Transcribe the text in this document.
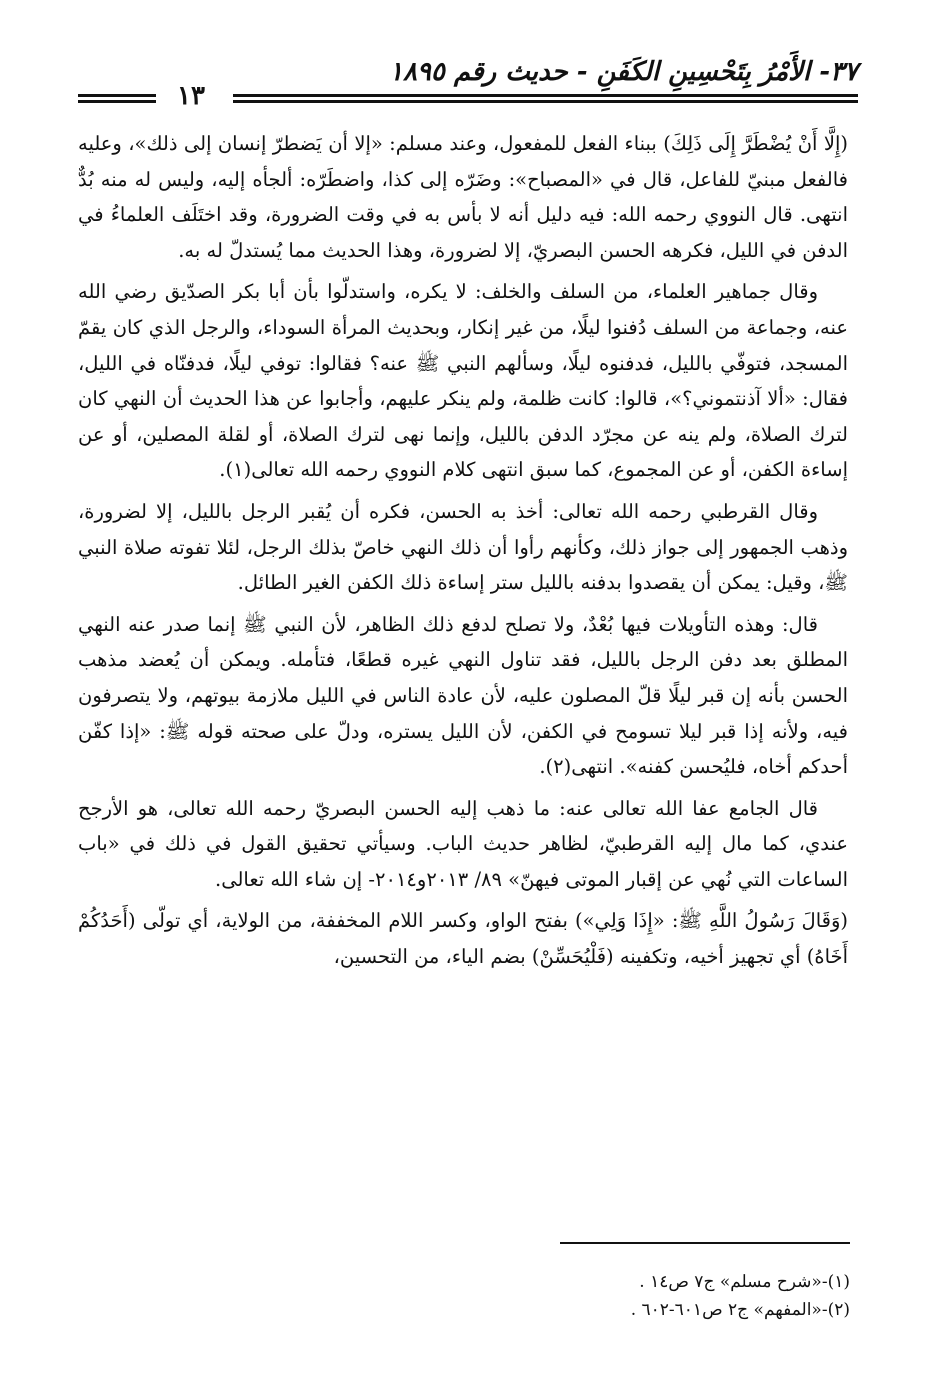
٣٧- الأَمْرُ بِتَحْسِينِ الكَفَنِ - حديث رقم ١٨٩٥
١٣

(إِلَّا أَنْ يُضْطَرَّ إِلَى ذَلِكَ) ببناء الفعل للمفعول، وعند مسلم: «إلا أن يَضطرّ إنسان إلى ذلك»، وعليه فالفعل مبنيّ للفاعل، قال في «المصباح»: وضَرّه إلى كذا، واضطَرّه: ألجأه إليه، وليس له منه بُدٌّ انتهى. قال النووي رحمه الله: فيه دليل أنه لا بأس به في وقت الضرورة، وقد اختَلَف العلماءُ في الدفن في الليل، فكرهه الحسن البصريّ، إلا لضرورة، وهذا الحديث مما يُستدلّ له به.

وقال جماهير العلماء، من السلف والخلف: لا يكره، واستدلّوا بأن أبا بكر الصدّيق رضي الله عنه، وجماعة من السلف دُفنوا ليلًا، من غير إنكار، وبحديث المرأة السوداء، والرجل الذي كان يقمّ المسجد، فتوفّي بالليل، فدفنوه ليلًا، وسألهم النبي ﷺ عنه؟ فقالوا: توفي ليلًا، فدفنّاه في الليل، فقال: «ألا آذنتموني؟»، قالوا: كانت ظلمة، ولم ينكر عليهم، وأجابوا عن هذا الحديث أن النهي كان لترك الصلاة، ولم ينه عن مجرّد الدفن بالليل، وإنما نهى لترك الصلاة، أو لقلة المصلين، أو عن إساءة الكفن، أو عن المجموع، كما سبق انتهى كلام النووي رحمه الله تعالى(١).

وقال القرطبي رحمه الله تعالى: أخذ به الحسن، فكره أن يُقبر الرجل بالليل، إلا لضرورة، وذهب الجمهور إلى جواز ذلك، وكأنهم رأوا أن ذلك النهي خاصّ بذلك الرجل، لئلا تفوته صلاة النبي ﷺ، وقيل: يمكن أن يقصدوا بدفنه بالليل ستر إساءة ذلك الكفن الغير الطائل.

قال: وهذه التأويلات فيها بُعْدٌ، ولا تصلح لدفع ذلك الظاهر، لأن النبي ﷺ إنما صدر عنه النهي المطلق بعد دفن الرجل بالليل، فقد تناول النهي غيره قطعًا، فتأمله. ويمكن أن يُعضد مذهب الحسن بأنه إن قبر ليلًا قلّ المصلون عليه، لأن عادة الناس في الليل ملازمة بيوتهم، ولا يتصرفون فيه، ولأنه إذا قبر ليلا تسومح في الكفن، لأن الليل يستره، ودلّ على صحته قوله ﷺ: «إذا كفّن أحدكم أخاه، فليُحسن كفنه». انتهى(٢).

قال الجامع عفا الله تعالى عنه: ما ذهب إليه الحسن البصريّ رحمه الله تعالى، هو الأرجح عندي، كما مال إليه القرطبيّ، لظاهر حديث الباب. وسيأتي تحقيق القول في ذلك في «باب الساعات التي نُهي عن إقبار الموتى فيهنّ» ٨٩/ ٢٠١٣و٢٠١٤- إن شاء الله تعالى.

(وَقَالَ رَسُولُ اللَّهِ ﷺ: «إِذَا وَلِي») بفتح الواو، وكسر اللام المخففة، من الولاية، أي تولّى (أَحَدُكُمْ أَخَاهُ) أي تجهيز أخيه، وتكفينه (فَلْيُحَسِّنْ) بضم الياء، من التحسين،

(١)-«شرح مسلم» ج٧ ص١٤ .
(٢)-«المفهم» ج٢ ص٦٠١-٦٠٢ .
